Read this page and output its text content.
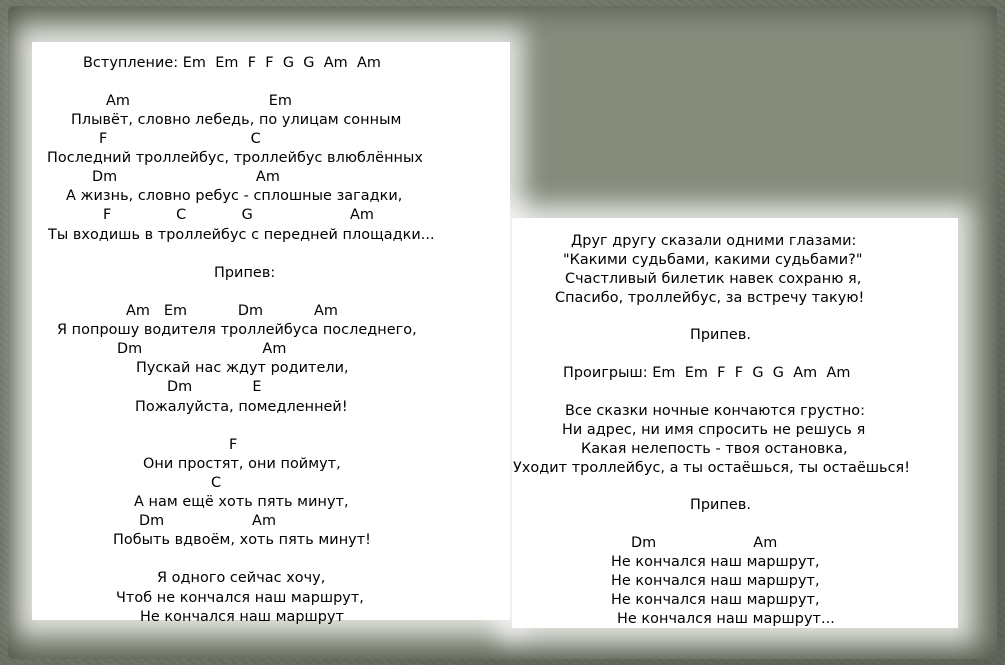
Вступление: Em  Em  F  F  G  G  Am  Am
Am                              Em
Плывёт, словно лебедь, по улицам сонным
F                               C
Последний троллейбус, троллейбус влюблённых
Dm                              Am
А жизнь, словно ребус - сплошные загадки,
F              C            G                     Am
Ты входишь в троллейбус с передней площадки...
Припев:
Am   Em           Dm           Am
Я попрошу водителя троллейбуса последнего,
Dm                          Am
Пускай нас ждут родители,
Dm             E
Пожалуйста, помедленней!
F
Они простят, они поймут,
C
А нам ещё хоть пять минут,
Dm                   Am
Побыть вдвоём, хоть пять минут!
Я одного сейчас хочу,
Чтоб не кончался наш маршрут,
Не кончался наш маршрут
Друг другу сказали одними глазами:
"Какими судьбами, какими судьбами?"
Счастливый билетик навек сохраню я,
Спасибо, троллейбус, за встречу такую!
Припев.
Проигрыш: Em  Em  F  F  G  G  Am  Am
Все сказки ночные кончаются грустно:
Ни адрес, ни имя спросить не решусь я
Какая нелепость - твоя остановка,
Уходит троллейбус, а ты остаёшься, ты остаёшься!
Припев.
Dm                     Am
Не кончался наш маршрут,
Не кончался наш маршрут,
Не кончался наш маршрут,
Не кончался наш маршрут...
